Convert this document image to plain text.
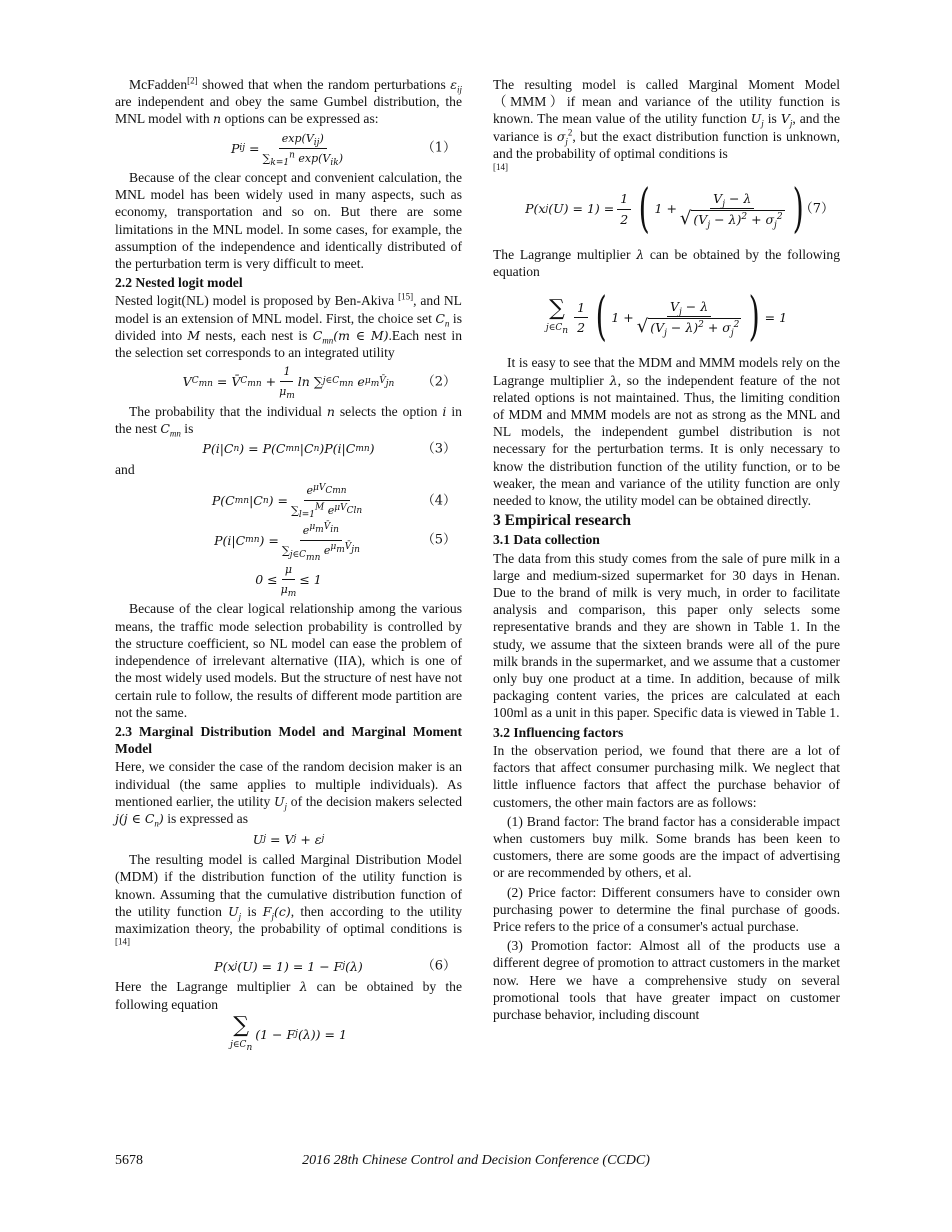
McFadden[2] showed that when the random perturbations $\varepsilon_{ij}$ are independent and obey the same Gumbel distribution, the MNL model with n options can be expressed as:

P ij = $\frac{\exp(V_{ij})}{\sum_{k=1}^n \exp(V_{ik})}$	（1）

Because of the clear concept and convenient calculation, the MNL model has been widely used in many aspects, such as economy, transportation and so on. But there are some limitations in the MNL model. In some cases, for example, the assumption of the independence and identically distributed of the perturbation term is very difficult to meet.

2.2 Nested logit model

Nested logit(NL) model is proposed by Ben-Akiva [15], and NL model is an extension of MNL model. First, the choice set $C_n$ is divided into M nests, each nest is $C_{mn}(m$ ∈ M).Each nest in the selection set corresponds to an integrated utility

V $C_{mn}$
= V̄ $C_{mn}$
+ $\frac{1}{\mu_m}$ ln ∑ $j\in C_{mn}$
e $\mu_mV̄_{jn}$ （2）

The probability that the individual n selects the option i in the nest $C_{mn}$ is

P(i|C n ) = P(C mn |C n )P(i|C mn )	（3）

and

P(C mn |C n ) = $\frac{e^{\mu V_{Cmn}}}{\sum_{l=1}^M e^{\mu V_{Cln}}}$	（4）
P(i|C mn ) = $\frac{e^{\mu_mV̄_{in}}}{\sum_{j\in C_{mn}} e^{\mu_mV̄_{jn}}}$	（5）
$0 \le \frac{\mu}{\mu_m} \le 1$

Because of the clear logical relationship among the various means, the traffic mode selection probability is controlled by the structure coefficient, so NL model can ease the problem of independence of irrelevant alternative (IIA), which is one of the most widely used models. But the structure of nest have not certain rule to follow, the results of different mode partition are not the same.

2.3 Marginal Distribution Model and Marginal Moment Model

Here, we consider the case of the random decision maker is an individual (the same applies to multiple individuals). As mentioned earlier, the utility $U_j$ of the decision makers selected j(j ∈ $C_n$) is expressed as

U j
= V j
+ ε j

The resulting model is called Marginal Distribution Model (MDM) if the distribution function of the utility function is known. Assuming that the cumulative distribution function of the utility function $U_j$ is $F_j(c)$, then according to the utility maximization theory, the probability of optimal conditions is [14]

P(x j (U) = 1) = 1 − F j (λ)	（6）

Here the Lagrange multiplier λ can be obtained by the following equation

∑
$j\in C_n$
(1 − F j (λ)) = 1

The resulting model is called Marginal Moment Model （MMM）if mean and variance of the utility function is known. The mean value of the utility function $U_j$ is $V_j$, and the variance is $\sigma_j^2$, but the exact distribution function is unknown, and the probability of optimal conditions is
[14]

P(x j $(U) = 1) = \frac{1}{2}$ ( $1 + \frac{V_j - \lambda}{√ (V_j - \lambda)^2 + \sigma_j^2}$ )
（7）

The Lagrange multiplier λ can be obtained by the following equation

∑
$j\in C_n \frac{1}{2}$ ( $1 + \frac{V_j - \lambda}{√ (V_j - \lambda)^2 + \sigma_j^2}$ ) = 1

It is easy to see that the MDM and MMM models rely on the Lagrange multiplier λ, so the independent feature of the not related options is not maintained. Thus, the limiting condition of MDM and MMM models are not as strong as the MNL and NL models, the independent gumbel distribution is not necessary for the perturbation terms. It is only necessary to know the distribution function of the utility function, or to be weaker, the mean and variance of the utility function are only needed to know, the utility model can be obtained directly.

3 Empirical research
3.1 Data collection

The data from this study comes from the sale of pure milk in a large and medium-sized supermarket for 30 days in Henan. Due to the brand of milk is very much, in order to facilitate analysis and comparison, this paper only selects some representative brands and they are shown in Table 1. In the study, we assume that the sixteen brands were all of the pure milk brands in the supermarket, and we assume that a customer only buy one product at a time. In addition, because of milk packaging content varies, the prices are calculated at each 100ml as a unit in this paper. Specific data is viewed in Table 1.

3.2 Influencing factors

In the observation period, we found that there are a lot of factors that affect consumer purchasing milk. We neglect that little influence factors that affect the purchase behavior of customers, the other main factors are as follows:

(1) Brand factor: The brand factor has a considerable impact when customers buy milk. Some brands has been keen to customers, there are some goods are the impact of advertising or are recommended by others, et al.

(2) Price factor: Different consumers have to consider own purchasing power to determine the final purchase of goods. Price refers to the price of a consumer's actual purchase.

(3) Promotion factor: Almost all of the products use a different degree of promotion to attract customers in the market now. Here we have a comprehensive study on several promotional tools that have greater impact on customer purchase behavior, including discount

5678	2016 28th Chinese Control and Decision Conference (CCDC)
